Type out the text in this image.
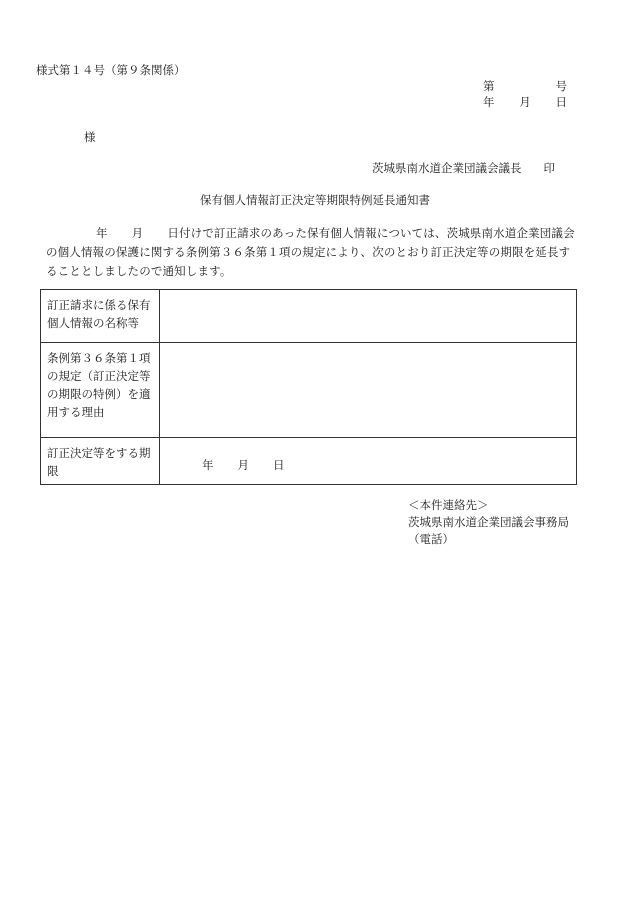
様式第１４号（第９条関係）
第	号
年 月 日
様
茨城県南水道企業団議会議長 印
保有個人情報訂正決定等期限特例延長通知書
年 月 日付けで訂正請求のあった保有個人情報については、茨城県南水道企業団議会の個人情報の保護に関する条例第３６条第１項の規定により、次のとおり訂正決定等の期限を延長することとしましたので通知します。
訂正請求に係る保有個人情報の名称等	
条例第３６条第１項の規定（訂正決定等の期限の特例）を適用する理由	
訂正決定等をする期限	年 月 日
＜本件連絡先＞
茨城県南水道企業団議会事務局
（電話）
